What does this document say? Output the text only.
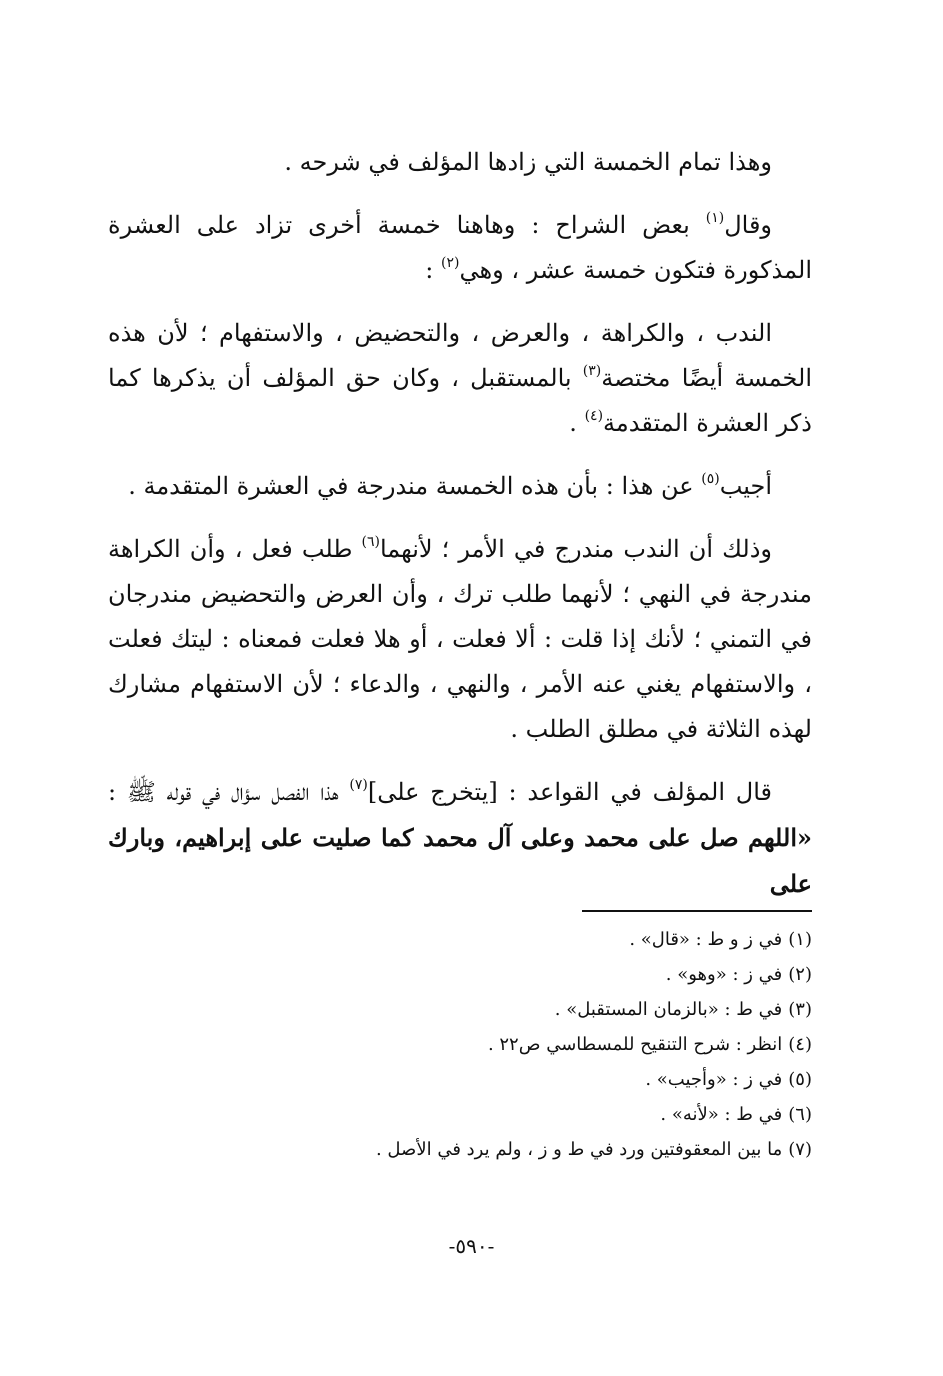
وهذا تمام الخمسة التي زادها المؤلف في شرحه .

وقال$^{(١)}$ بعض الشراح : وهاهنا خمسة أخرى تزاد على العشرة المذكورة فتكون خمسة عشر ، وهي$^{(٢)}$ :

الندب ، والكراهة ، والعرض ، والتحضيض ، والاستفهام ؛ لأن هذه الخمسة أيضًا مختصة$^{(٣)}$ بالمستقبل ، وكان حق المؤلف أن يذكرها كما ذكر العشرة المتقدمة$^{(٤)}$ .

أجيب$^{(٥)}$ عن هذا : بأن هذه الخمسة مندرجة في العشرة المتقدمة .

وذلك أن الندب مندرج في الأمر ؛ لأنهما$^{(٦)}$ طلب فعل ، وأن الكراهة مندرجة في النهي ؛ لأنهما طلب ترك ، وأن العرض والتحضيض مندرجان في التمني ؛ لأنك إذا قلت : ألا فعلت ، أو هلا فعلت فمعناه : ليتك فعلت ، والاستفهام يغني عنه الأمر ، والنهي ، والدعاء ؛ لأن الاستفهام مشارك لهذه الثلاثة في مطلق الطلب .

قال المؤلف في القواعد : [يتخرج على]$^{(٧)}$ هذا الفصل سؤال في قوله ﷺ : «اللهم صل على محمد وعلى آل محمد كما صليت على إبراهيم، وبارك على

(١)في ز و ط : «قال» .
(٢)في ز : «وهو» .
(٣)في ط : «بالزمان المستقبل» .
(٤)انظر : شرح التنقيح للمسطاسي ص٢٢ .
(٥)في ز : «وأجيب» .
(٦)في ط : «لأنه» .
(٧)ما بين المعقوفتين ورد في ط و ز ، ولم يرد في الأصل .
-٥٩٠-
